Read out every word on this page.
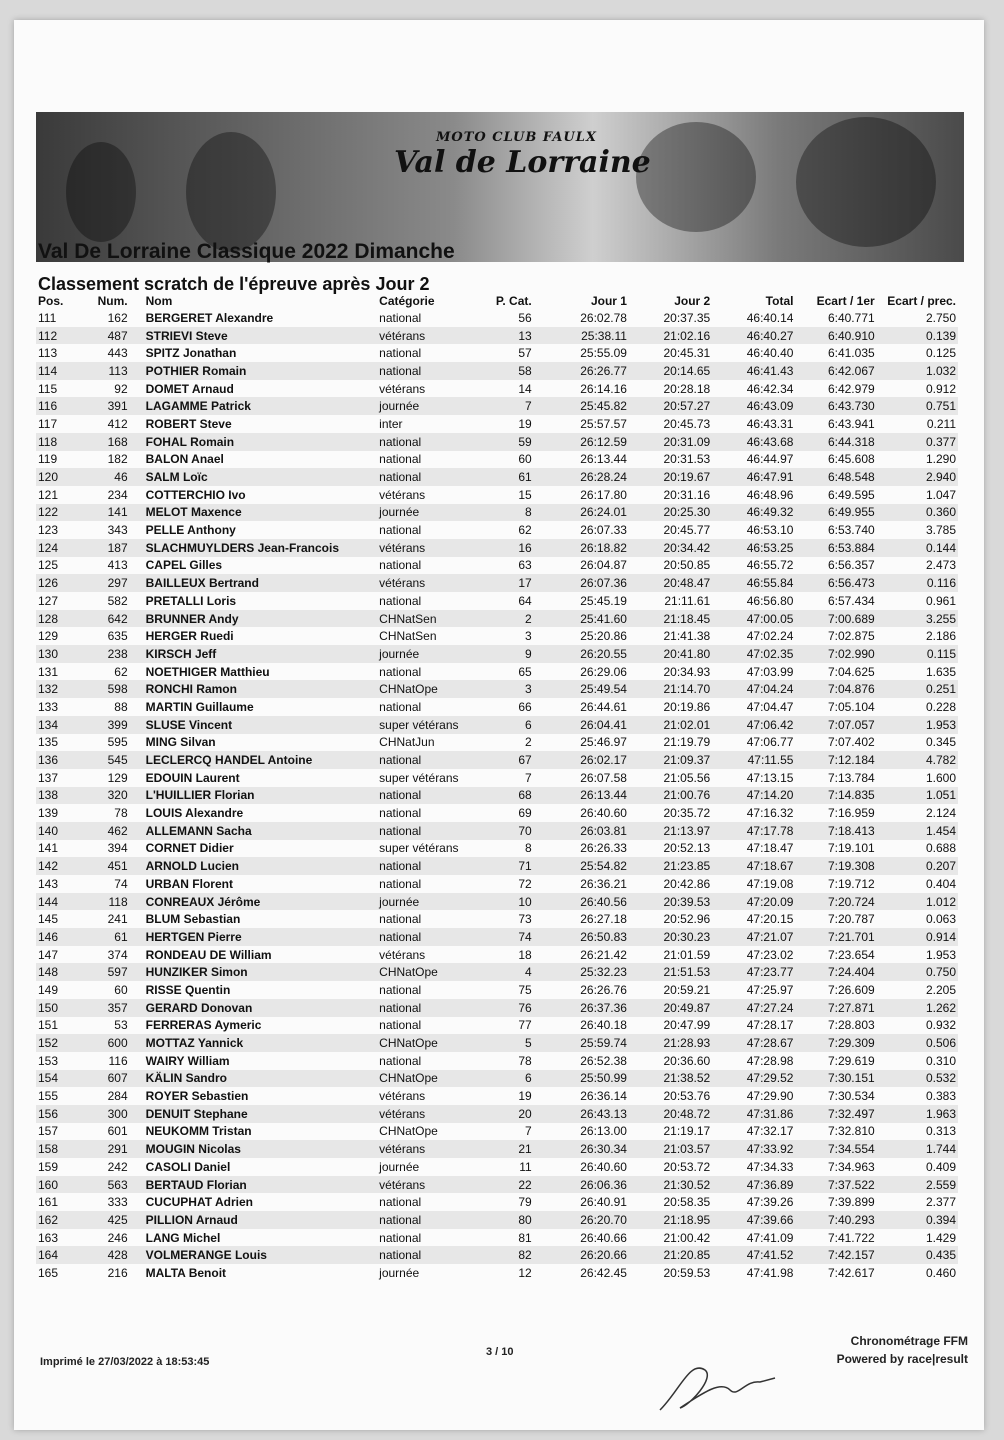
MOTO CLUB FAULX
Val de Lorraine
Val De Lorraine Classique 2022 Dimanche
Classement scratch de l'épreuve après Jour 2
Pos.	Num.	Nom	Catégorie	P. Cat.	Jour 1	Jour 2	Total	Ecart / 1er	Ecart / prec.
111	162	BERGERET Alexandre	national	56	26:02.78	20:37.35	46:40.14	6:40.771	2.750
112	487	STRIEVI Steve	vétérans	13	25:38.11	21:02.16	46:40.27	6:40.910	0.139
113	443	SPITZ Jonathan	national	57	25:55.09	20:45.31	46:40.40	6:41.035	0.125
114	113	POTHIER Romain	national	58	26:26.77	20:14.65	46:41.43	6:42.067	1.032
115	92	DOMET Arnaud	vétérans	14	26:14.16	20:28.18	46:42.34	6:42.979	0.912
116	391	LAGAMME Patrick	journée	7	25:45.82	20:57.27	46:43.09	6:43.730	0.751
117	412	ROBERT Steve	inter	19	25:57.57	20:45.73	46:43.31	6:43.941	0.211
118	168	FOHAL Romain	national	59	26:12.59	20:31.09	46:43.68	6:44.318	0.377
119	182	BALON Anael	national	60	26:13.44	20:31.53	46:44.97	6:45.608	1.290
120	46	SALM Loïc	national	61	26:28.24	20:19.67	46:47.91	6:48.548	2.940
121	234	COTTERCHIO Ivo	vétérans	15	26:17.80	20:31.16	46:48.96	6:49.595	1.047
122	141	MELOT Maxence	journée	8	26:24.01	20:25.30	46:49.32	6:49.955	0.360
123	343	PELLE Anthony	national	62	26:07.33	20:45.77	46:53.10	6:53.740	3.785
124	187	SLACHMUYLDERS Jean-Francois	vétérans	16	26:18.82	20:34.42	46:53.25	6:53.884	0.144
125	413	CAPEL Gilles	national	63	26:04.87	20:50.85	46:55.72	6:56.357	2.473
126	297	BAILLEUX Bertrand	vétérans	17	26:07.36	20:48.47	46:55.84	6:56.473	0.116
127	582	PRETALLI Loris	national	64	25:45.19	21:11.61	46:56.80	6:57.434	0.961
128	642	BRUNNER Andy	CHNatSen	2	25:41.60	21:18.45	47:00.05	7:00.689	3.255
129	635	HERGER Ruedi	CHNatSen	3	25:20.86	21:41.38	47:02.24	7:02.875	2.186
130	238	KIRSCH Jeff	journée	9	26:20.55	20:41.80	47:02.35	7:02.990	0.115
131	62	NOETHIGER Matthieu	national	65	26:29.06	20:34.93	47:03.99	7:04.625	1.635
132	598	RONCHI Ramon	CHNatOpe	3	25:49.54	21:14.70	47:04.24	7:04.876	0.251
133	88	MARTIN Guillaume	national	66	26:44.61	20:19.86	47:04.47	7:05.104	0.228
134	399	SLUSE Vincent	super vétérans	6	26:04.41	21:02.01	47:06.42	7:07.057	1.953
135	595	MING Silvan	CHNatJun	2	25:46.97	21:19.79	47:06.77	7:07.402	0.345
136	545	LECLERCQ HANDEL Antoine	national	67	26:02.17	21:09.37	47:11.55	7:12.184	4.782
137	129	EDOUIN Laurent	super vétérans	7	26:07.58	21:05.56	47:13.15	7:13.784	1.600
138	320	L'HUILLIER Florian	national	68	26:13.44	21:00.76	47:14.20	7:14.835	1.051
139	78	LOUIS Alexandre	national	69	26:40.60	20:35.72	47:16.32	7:16.959	2.124
140	462	ALLEMANN Sacha	national	70	26:03.81	21:13.97	47:17.78	7:18.413	1.454
141	394	CORNET Didier	super vétérans	8	26:26.33	20:52.13	47:18.47	7:19.101	0.688
142	451	ARNOLD Lucien	national	71	25:54.82	21:23.85	47:18.67	7:19.308	0.207
143	74	URBAN Florent	national	72	26:36.21	20:42.86	47:19.08	7:19.712	0.404
144	118	CONREAUX Jérôme	journée	10	26:40.56	20:39.53	47:20.09	7:20.724	1.012
145	241	BLUM Sebastian	national	73	26:27.18	20:52.96	47:20.15	7:20.787	0.063
146	61	HERTGEN Pierre	national	74	26:50.83	20:30.23	47:21.07	7:21.701	0.914
147	374	RONDEAU DE William	vétérans	18	26:21.42	21:01.59	47:23.02	7:23.654	1.953
148	597	HUNZIKER Simon	CHNatOpe	4	25:32.23	21:51.53	47:23.77	7:24.404	0.750
149	60	RISSE Quentin	national	75	26:26.76	20:59.21	47:25.97	7:26.609	2.205
150	357	GERARD Donovan	national	76	26:37.36	20:49.87	47:27.24	7:27.871	1.262
151	53	FERRERAS Aymeric	national	77	26:40.18	20:47.99	47:28.17	7:28.803	0.932
152	600	MOTTAZ Yannick	CHNatOpe	5	25:59.74	21:28.93	47:28.67	7:29.309	0.506
153	116	WAIRY William	national	78	26:52.38	20:36.60	47:28.98	7:29.619	0.310
154	607	KÄLIN Sandro	CHNatOpe	6	25:50.99	21:38.52	47:29.52	7:30.151	0.532
155	284	ROYER Sebastien	vétérans	19	26:36.14	20:53.76	47:29.90	7:30.534	0.383
156	300	DENUIT Stephane	vétérans	20	26:43.13	20:48.72	47:31.86	7:32.497	1.963
157	601	NEUKOMM Tristan	CHNatOpe	7	26:13.00	21:19.17	47:32.17	7:32.810	0.313
158	291	MOUGIN Nicolas	vétérans	21	26:30.34	21:03.57	47:33.92	7:34.554	1.744
159	242	CASOLI Daniel	journée	11	26:40.60	20:53.72	47:34.33	7:34.963	0.409
160	563	BERTAUD Florian	vétérans	22	26:06.36	21:30.52	47:36.89	7:37.522	2.559
161	333	CUCUPHAT Adrien	national	79	26:40.91	20:58.35	47:39.26	7:39.899	2.377
162	425	PILLION Arnaud	national	80	26:20.70	21:18.95	47:39.66	7:40.293	0.394
163	246	LANG Michel	national	81	26:40.66	21:00.42	47:41.09	7:41.722	1.429
164	428	VOLMERANGE Louis	national	82	26:20.66	21:20.85	47:41.52	7:42.157	0.435
165	216	MALTA Benoit	journée	12	26:42.45	20:59.53	47:41.98	7:42.617	0.460
Imprimé le 27/03/2022 à 18:53:45
3 / 10
Chronométrage FFM
Powered by race|result
